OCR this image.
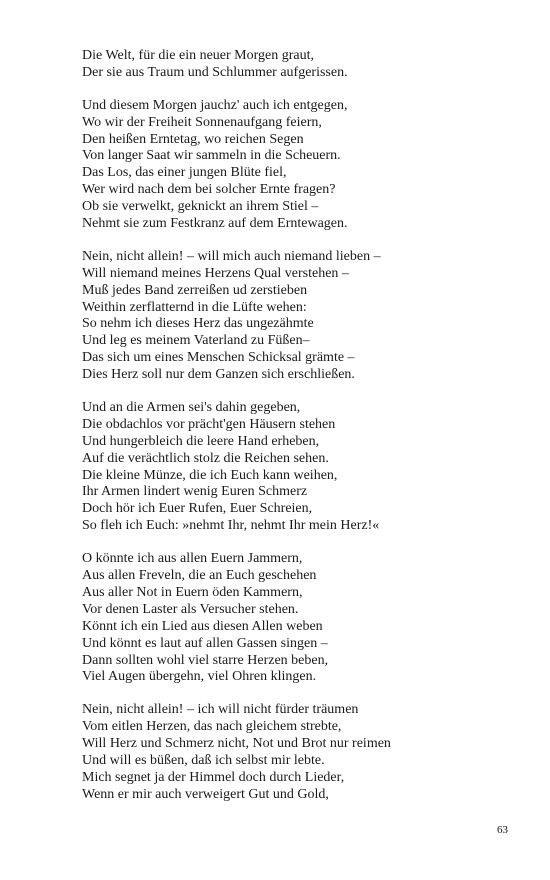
Die Welt, für die ein neuer Morgen graut,
Der sie aus Traum und Schlummer aufgerissen.
Und diesem Morgen jauchz' auch ich entgegen,
Wo wir der Freiheit Sonnenaufgang feiern,
Den heißen Erntetag, wo reichen Segen
Von langer Saat wir sammeln in die Scheuern.
Das Los, das einer jungen Blüte fiel,
Wer wird nach dem bei solcher Ernte fragen?
Ob sie verwelkt, geknickt an ihrem Stiel –
Nehmt sie zum Festkranz auf dem Erntewagen.
Nein, nicht allein! – will mich auch niemand lieben –
Will niemand meines Herzens Qual verstehen –
Muß jedes Band zerreißen ud zerstieben
Weithin zerflatternd in die Lüfte wehen:
So nehm ich dieses Herz das ungezähmte
Und leg es meinem Vaterland zu Füßen–
Das sich um eines Menschen Schicksal grämte –
Dies Herz soll nur dem Ganzen sich erschließen.
Und an die Armen sei's dahin gegeben,
Die obdachlos vor prächt'gen Häusern stehen
Und hungerbleich die leere Hand erheben,
Auf die verächtlich stolz die Reichen sehen.
Die kleine Münze, die ich Euch kann weihen,
Ihr Armen lindert wenig Euren Schmerz
Doch hör ich Euer Rufen, Euer Schreien,
So fleh ich Euch: »nehmt Ihr, nehmt Ihr mein Herz!«
O könnte ich aus allen Euern Jammern,
Aus allen Freveln, die an Euch geschehen
Aus aller Not in Euern öden Kammern,
Vor denen Laster als Versucher stehen.
Könnt ich ein Lied aus diesen Allen weben
Und könnt es laut auf allen Gassen singen –
Dann sollten wohl viel starre Herzen beben,
Viel Augen übergehn, viel Ohren klingen.
Nein, nicht allein! – ich will nicht fürder träumen
Vom eitlen Herzen, das nach gleichem strebte,
Will Herz und Schmerz nicht, Not und Brot nur reimen
Und will es büßen, daß ich selbst mir lebte.
Mich segnet ja der Himmel doch durch Lieder,
Wenn er mir auch verweigert Gut und Gold,
63
